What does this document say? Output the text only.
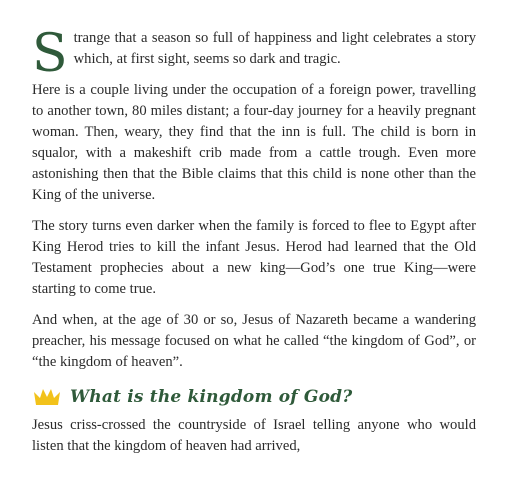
Strange that a season so full of happiness and light celebrates a story which, at first sight, seems so dark and tragic.

Here is a couple living under the occupation of a foreign power, travelling to another town, 80 miles distant; a four-day journey for a heavily pregnant woman. Then, weary, they find that the inn is full. The child is born in squalor, with a makeshift crib made from a cattle trough. Even more astonishing then that the Bible claims that this child is none other than the King of the universe.

The story turns even darker when the family is forced to flee to Egypt after King Herod tries to kill the infant Jesus. Herod had learned that the Old Testament prophecies about a new king—God’s one true King—were starting to come true.

And when, at the age of 30 or so, Jesus of Nazareth became a wandering preacher, his message focused on what he called “the kingdom of God”, or “the kingdom of heaven”.

What is the kingdom of God?

Jesus criss-crossed the countryside of Israel telling anyone who would listen that the kingdom of heaven had arrived,
